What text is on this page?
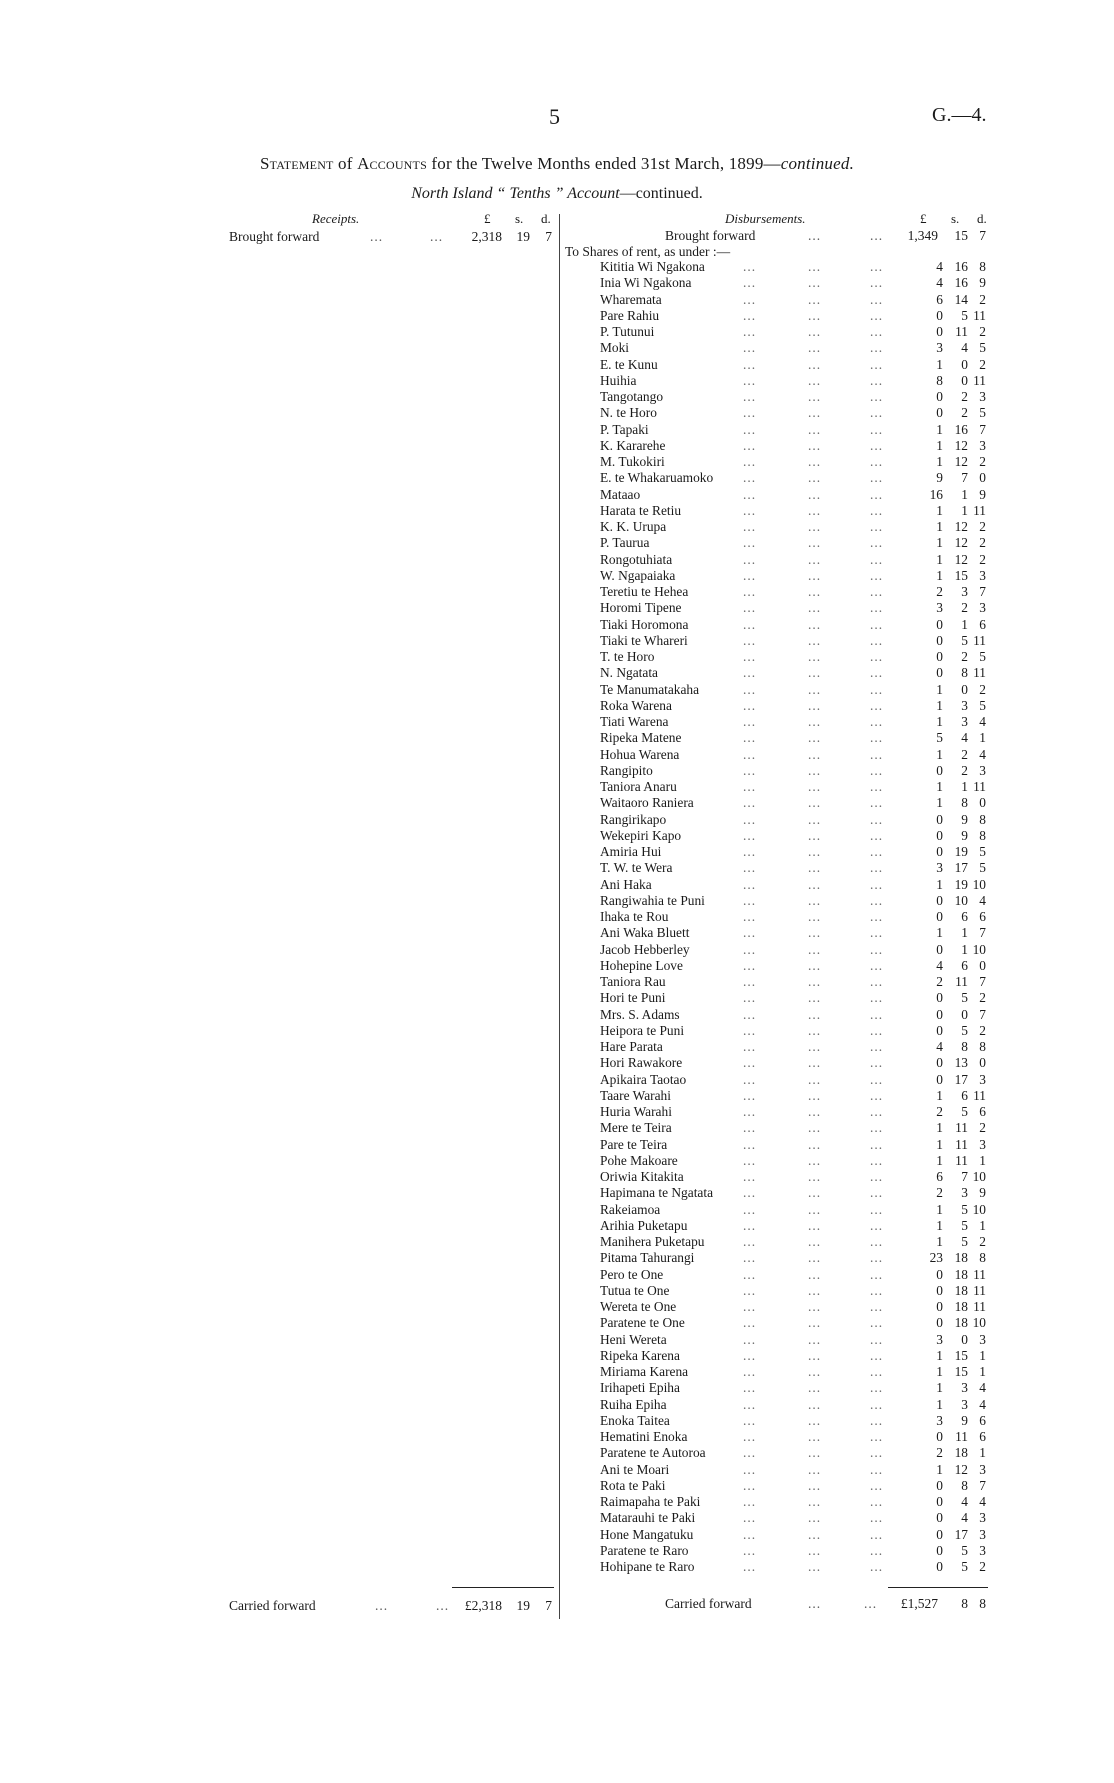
5	G.—4.
Statement of Accounts for the Twelve Months ended 31st March, 1899—continued.
North Island “ Tenths ” Account—continued.
Receipts.	£ s. d.	Disbursements.	£ s. d.
Brought forward	...	...	2,318	19	7	Brought forward	...	...	1,349	15 7
To Shares of rent, as under :—
Kititia Wi Ngakona	...	...	...	4 16 8
Inia Wi Ngakona	...	...	...	4 16 9
Wharemata	...	...	...	6 14 2
Pare Rahiu	...	...	...	0	5 11
P. Tutunui	...	...	...	0 11 2
Moki	...	...	...	3	4 5
E. te Kunu	...	...	...	1	0 2
Huihia	...	...	...	8	0 11
Tangotango	...	...	...	0	2 3
N. te Horo	...	...	...	0	2 5
P. Tapaki	...	...	...	1 16 7
K. Kararehe	...	...	...	1 12 3
M. Tukokiri	...	...	...	1 12 2
E. te Whakaruamoko ...	...	...	9	7 0
Mataao	...	...	...	16	1 9
Harata te Retiu	...	...	...	1	1 11
K. K. Urupa	...	...	...	1 12 2
P. Taurua	...	...	...	1 12 2
Rongotuhiata	...	...	...	1 12 2
W. Ngapaiaka	...	...	...	1 15 3
Teretiu te Hehea	...	...	...	2	3 7
Horomi Tipene	...	...	...	3	2 3
Tiaki Horomona	...	...	...	0	1 6
Tiaki te Whareri	...	...	...	0	5 11
T. te Horo	...	...	...	0	2 5
N. Ngatata	...	...	...	0	8 11
Te Manumatakaha	...	...	...	1	0 2
Roka Warena	...	...	...	1	3 5
Tiati Warena	...	...	...	1	3 4
Ripeka Matene	...	...	...	5	4 1
Hohua Warena	...	...	...	1	2 4
Rangipito	...	...	...	0	2 3
Taniora Anaru	...	...	...	1	1 11
Waitaoro Raniera	...	...	...	1	8 0
Rangirikapo	...	...	...	0	9 8
Wekepiri Kapo	...	...	...	0	9 8
Amiria Hui	...	...	...	0 19 5
T. W. te Wera	...	...	...	3 17 5
Ani Haka	...	...	...	1 19 10
Rangiwahia te Puni	...	...	...	0 10 4
Ihaka te Rou	...	...	...	0	6 6
Ani Waka Bluett	...	...	...	1	1 7
Jacob Hebberley	...	...	...	0	1 10
Hohepine Love	...	...	...	4	6 0
Taniora Rau	...	...	...	2 11 7
Hori te Puni	...	...	...	0	5 2
Mrs. S. Adams	...	...	...	0	0 7
Heipora te Puni	...	...	...	0	5 2
Hare Parata	...	...	...	4	8 8
Hori Rawakore	...	...	...	0 13 0
Apikaira Taotao	...	...	...	0 17 3
Taare Warahi	...	...	...	1	6 11
Huria Warahi	...	...	...	2	5 6
Mere te Teira	...	...	...	1 11 2
Pare te Teira	...	...	...	1 11 3
Pohe Makoare	...	...	...	1 11 1
Oriwia Kitakita	...	...	...	6	7 10
Hapimana te Ngatata ...	...	...	2	3 9
Rakeiamoa	...	...	...	1	5 10
Arihia Puketapu	...	...	...	1	5 1
Manihera Puketapu	...	...	...	1	5 2
Pitama Tahurangi	...	...	...	23 18 8
Pero te One	...	...	...	0 18 11
Tutua te One	...	...	...	0 18 11
Wereta te One	...	...	...	0 18 11
Paratene te One	...	...	...	0 18 10
Heni Wereta	...	...	...	3	0 3
Ripeka Karena	...	...	...	1 15 1
Miriama Karena	...	...	...	1 15 1
Irihapeti Epiha	...	...	...	1	3 4
Ruiha Epiha	...	...	...	1	3 4
Enoka Taitea	...	...	...	3	9 6
Hematini Enoka	...	...	...	0 11 6
Paratene te Autoroa	...	...	...	2 18 1
Ani te Moari	...	...	...	1 12 3
Rota te Paki	...	...	...	0	8 7
Raimapaha te Paki	...	...	...	0	4 4
Matarauhi te Paki	...	...	...	0	4 3
Hone Mangatuku	...	...	...	0 17 3
Paratene te Raro	...	...	...	0	5 3
Hohipane te Raro	...	...	...	0	5 2
Carried forward	...	...	£2,318	19	7	Carried forward	...	...	£1,527	8 8
